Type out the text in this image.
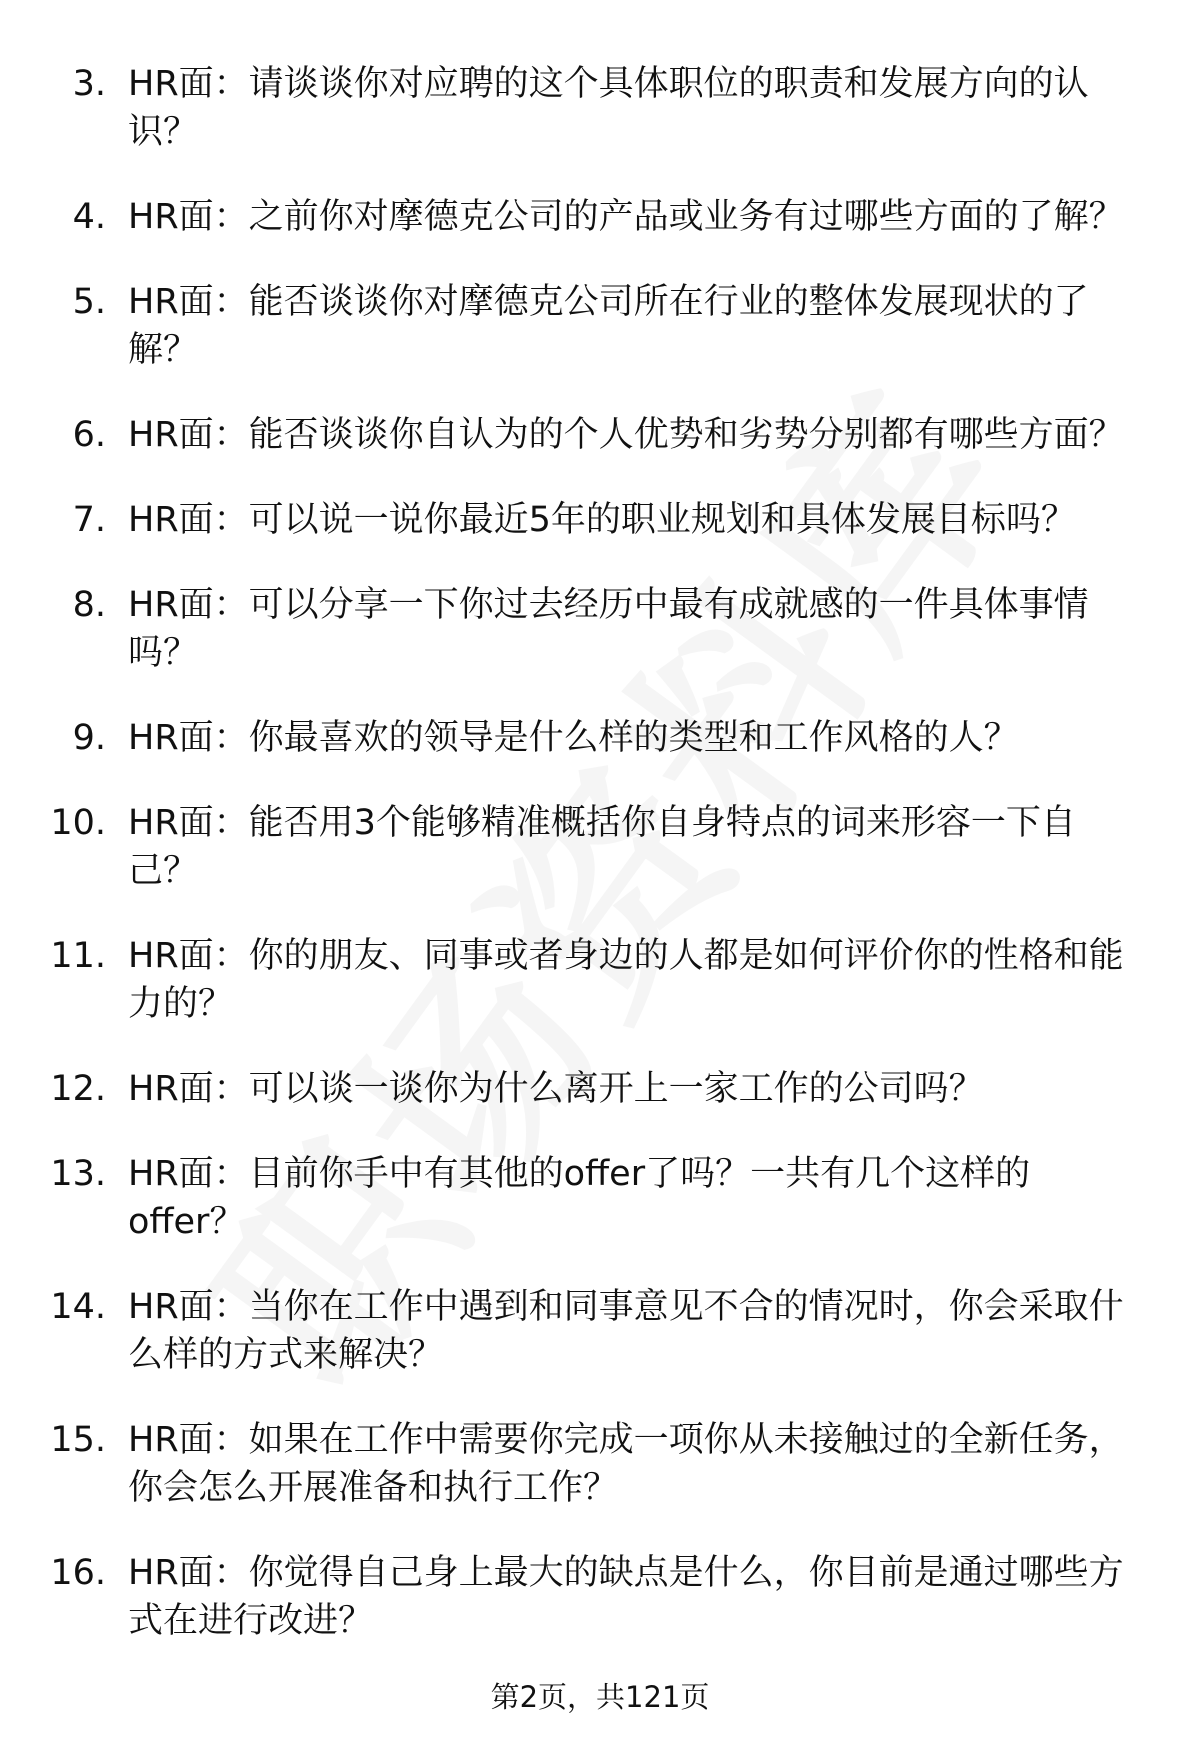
3. HR面：请谈谈你对应聘的这个具体职位的职责和发展方向的认
识？
4. HR面：之前你对摩德克公司的产品或业务有过哪些方面的了解？
5. HR面：能否谈谈你对摩德克公司所在行业的整体发展现状的了
解？
6. HR面：能否谈谈你自认为的个人优势和劣势分别都有哪些方面？
7. HR面：可以说一说你最近5年的职业规划和具体发展目标吗？
8. HR面：可以分享一下你过去经历中最有成就感的一件具体事情
吗？
9. HR面：你最喜欢的领导是什么样的类型和工作风格的人？
10. HR面：能否用3个能够精准概括你自身特点的词来形容一下自
己？
11. HR面：你的朋友、同事或者身边的人都是如何评价你的性格和能
力的？
12. HR面：可以谈一谈你为什么离开上一家工作的公司吗？
13. HR面：目前你手中有其他的offer了吗？一共有几个这样的
offer？
14. HR面：当你在工作中遇到和同事意见不合的情况时，你会采取什
么样的方式来解决？
15. HR面：如果在工作中需要你完成一项你从未接触过的全新任务，
你会怎么开展准备和执行工作？
16. HR面：你觉得自己身上最大的缺点是什么，你目前是通过哪些方
式在进行改进？
第2页，共121页
